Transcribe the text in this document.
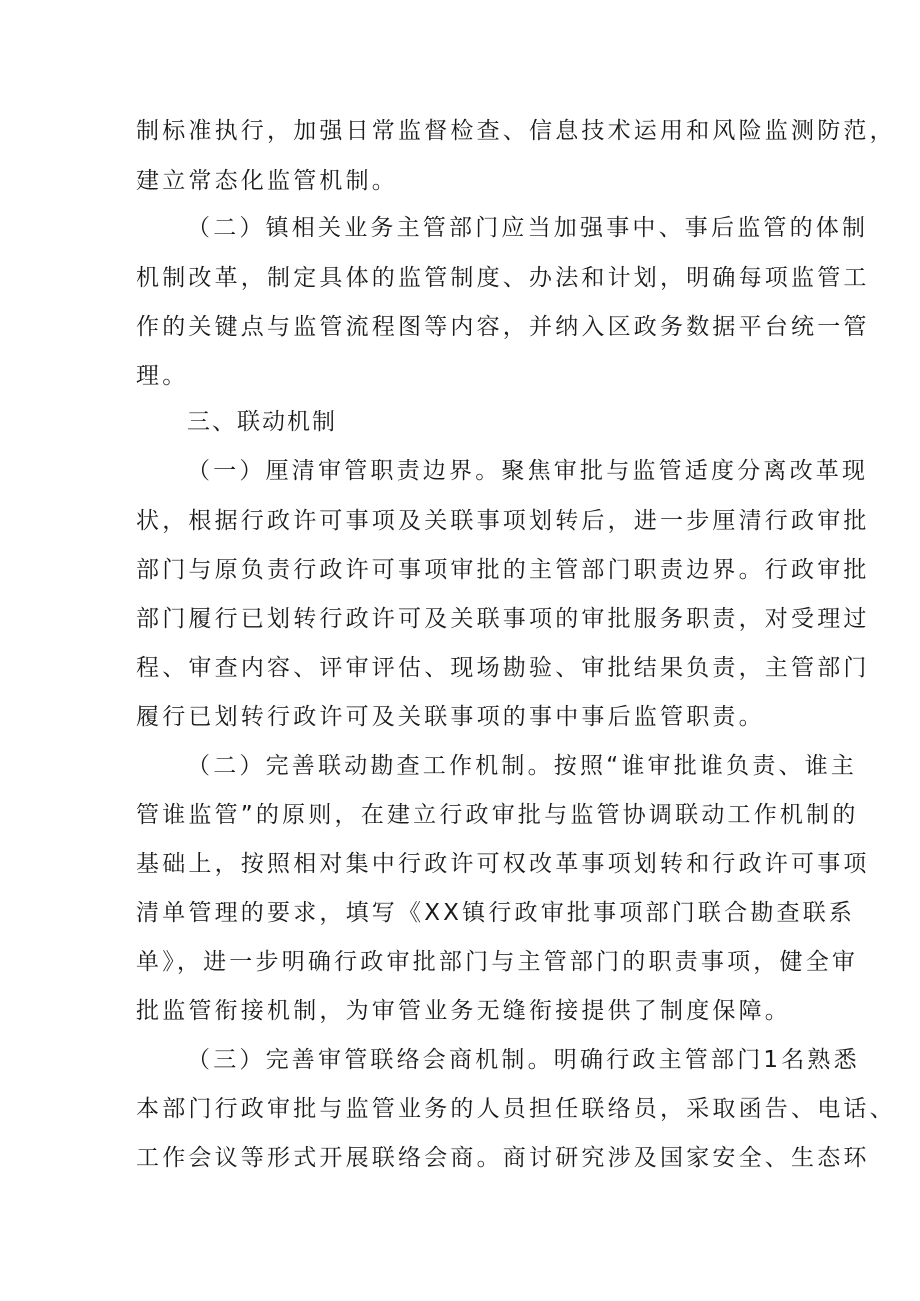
制标准执行，加强日常监督检查、信息技术运用和风险监测防范，
建立常态化监管机制。
（二）镇相关业务主管部门应当加强事中、事后监管的体制
机制改革，制定具体的监管制度、办法和计划，明确每项监管工
作的关键点与监管流程图等内容，并纳入区政务数据平台统一管
理。
三、联动机制
（一）厘清审管职责边界。聚焦审批与监管适度分离改革现
状，根据行政许可事项及关联事项划转后，进一步厘清行政审批
部门与原负责行政许可事项审批的主管部门职责边界。行政审批
部门履行已划转行政许可及关联事项的审批服务职责，对受理过
程、审查内容、评审评估、现场勘验、审批结果负责，主管部门
履行已划转行政许可及关联事项的事中事后监管职责。
（二）完善联动勘查工作机制。按照“谁审批谁负责、谁主
管谁监管”的原则，在建立行政审批与监管协调联动工作机制的
基础上，按照相对集中行政许可权改革事项划转和行政许可事项
清单管理的要求，填写《XX镇行政审批事项部门联合勘查联系
单》，进一步明确行政审批部门与主管部门的职责事项，健全审
批监管衔接机制，为审管业务无缝衔接提供了制度保障。
（三）完善审管联络会商机制。明确行政主管部门1名熟悉
本部门行政审批与监管业务的人员担任联络员，采取函告、电话、
工作会议等形式开展联络会商。商讨研究涉及国家安全、生态环
